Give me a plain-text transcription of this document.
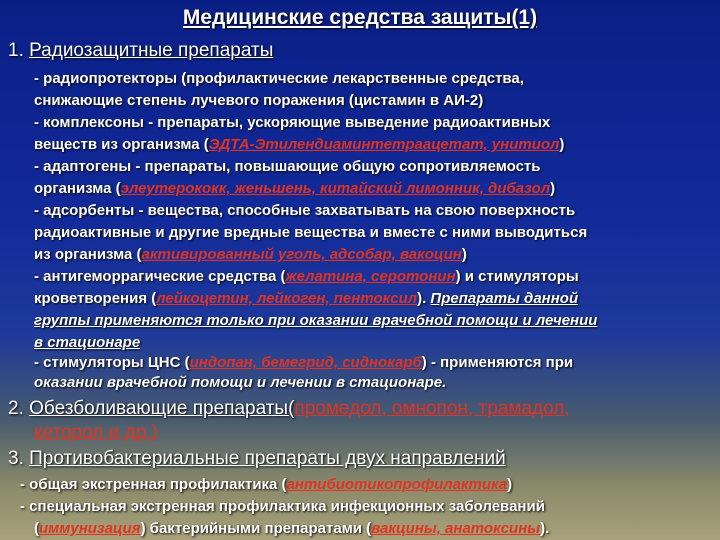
Медицинские средства защиты(1)
1. Радиозащитные препараты
- радиопротекторы (профилактические лекарственные средства,
снижающие степень лучевого поражения (цистамин в АИ-2)
- комплексоны - препараты, ускоряющие выведение радиоактивных
веществ из организма (ЭДТА-Этилендиаминтетраацетат, унитиол)
- адаптогены - препараты, повышающие общую сопротивляемость
организма (элеутерококк, женьшень, китайский лимонник, дибазол)
- адсорбенты - вещества, способные захватывать на свою поверхность
радиоактивные и другие вредные вещества и вместе с ними выводиться
из организма (активированный уголь, адсобар, вакоцин)
- антигеморрагические средства (желатина, серотонин) и стимуляторы
кроветворения (лейкоцетин, лейкоген, пентоксил). Препараты данной
группы применяются только при оказании врачебной помощи и лечении
в стационаре
- стимуляторы ЦНС (индопан, бемегрид, сиднокарб) - применяются при
оказании врачебной помощи и лечении в стационаре.
2. Обезболивающие препараты(промедол, омнопон, трамадол,
кеторол и др.)
3. Противобактериальные препараты двух направлений
- общая экстренная профилактика (антибиотикопрофилактика)
- специальная экстренная профилактика инфекционных заболеваний
(иммунизация) бактерийными препаратами (вакцины, анатоксины).
